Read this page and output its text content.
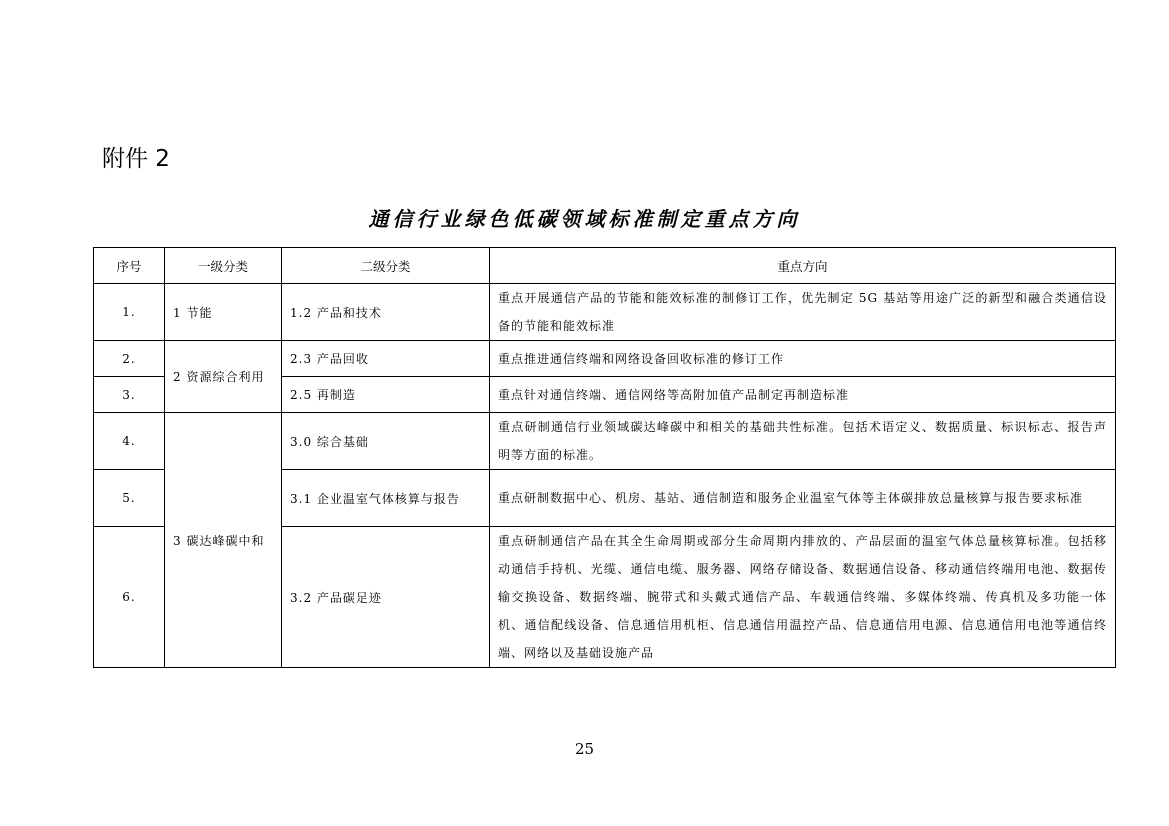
附件 2
通信行业绿色低碳领域标准制定重点方向
序号	一级分类	二级分类	重点方向
1.	1 节能	1.2 产品和技术	重点开展通信产品的节能和能效标准的制修订工作，优先制定 5G 基站等用途广泛的新型和融合类通信设备的节能和能效标准
2.	2 资源综合利用	2.3 产品回收	重点推进通信终端和网络设备回收标准的修订工作
3.		2.5 再制造	重点针对通信终端、通信网络等高附加值产品制定再制造标准
4.	3 碳达峰碳中和	3.0 综合基础	重点研制通信行业领域碳达峰碳中和相关的基础共性标准。包括术语定义、数据质量、标识标志、报告声明等方面的标准。
5.		3.1 企业温室气体核算与报告	重点研制数据中心、机房、基站、通信制造和服务企业温室气体等主体碳排放总量核算与报告要求标准
6.		3.2 产品碳足迹	重点研制通信产品在其全生命周期或部分生命周期内排放的、产品层面的温室气体总量核算标准。包括移动通信手持机、光缆、通信电缆、服务器、网络存储设备、数据通信设备、移动通信终端用电池、数据传输交换设备、数据终端、腕带式和头戴式通信产品、车载通信终端、多媒体终端、传真机及多功能一体机、通信配线设备、信息通信用机柜、信息通信用温控产品、信息通信用电源、信息通信用电池等通信终端、网络以及基础设施产品
25
